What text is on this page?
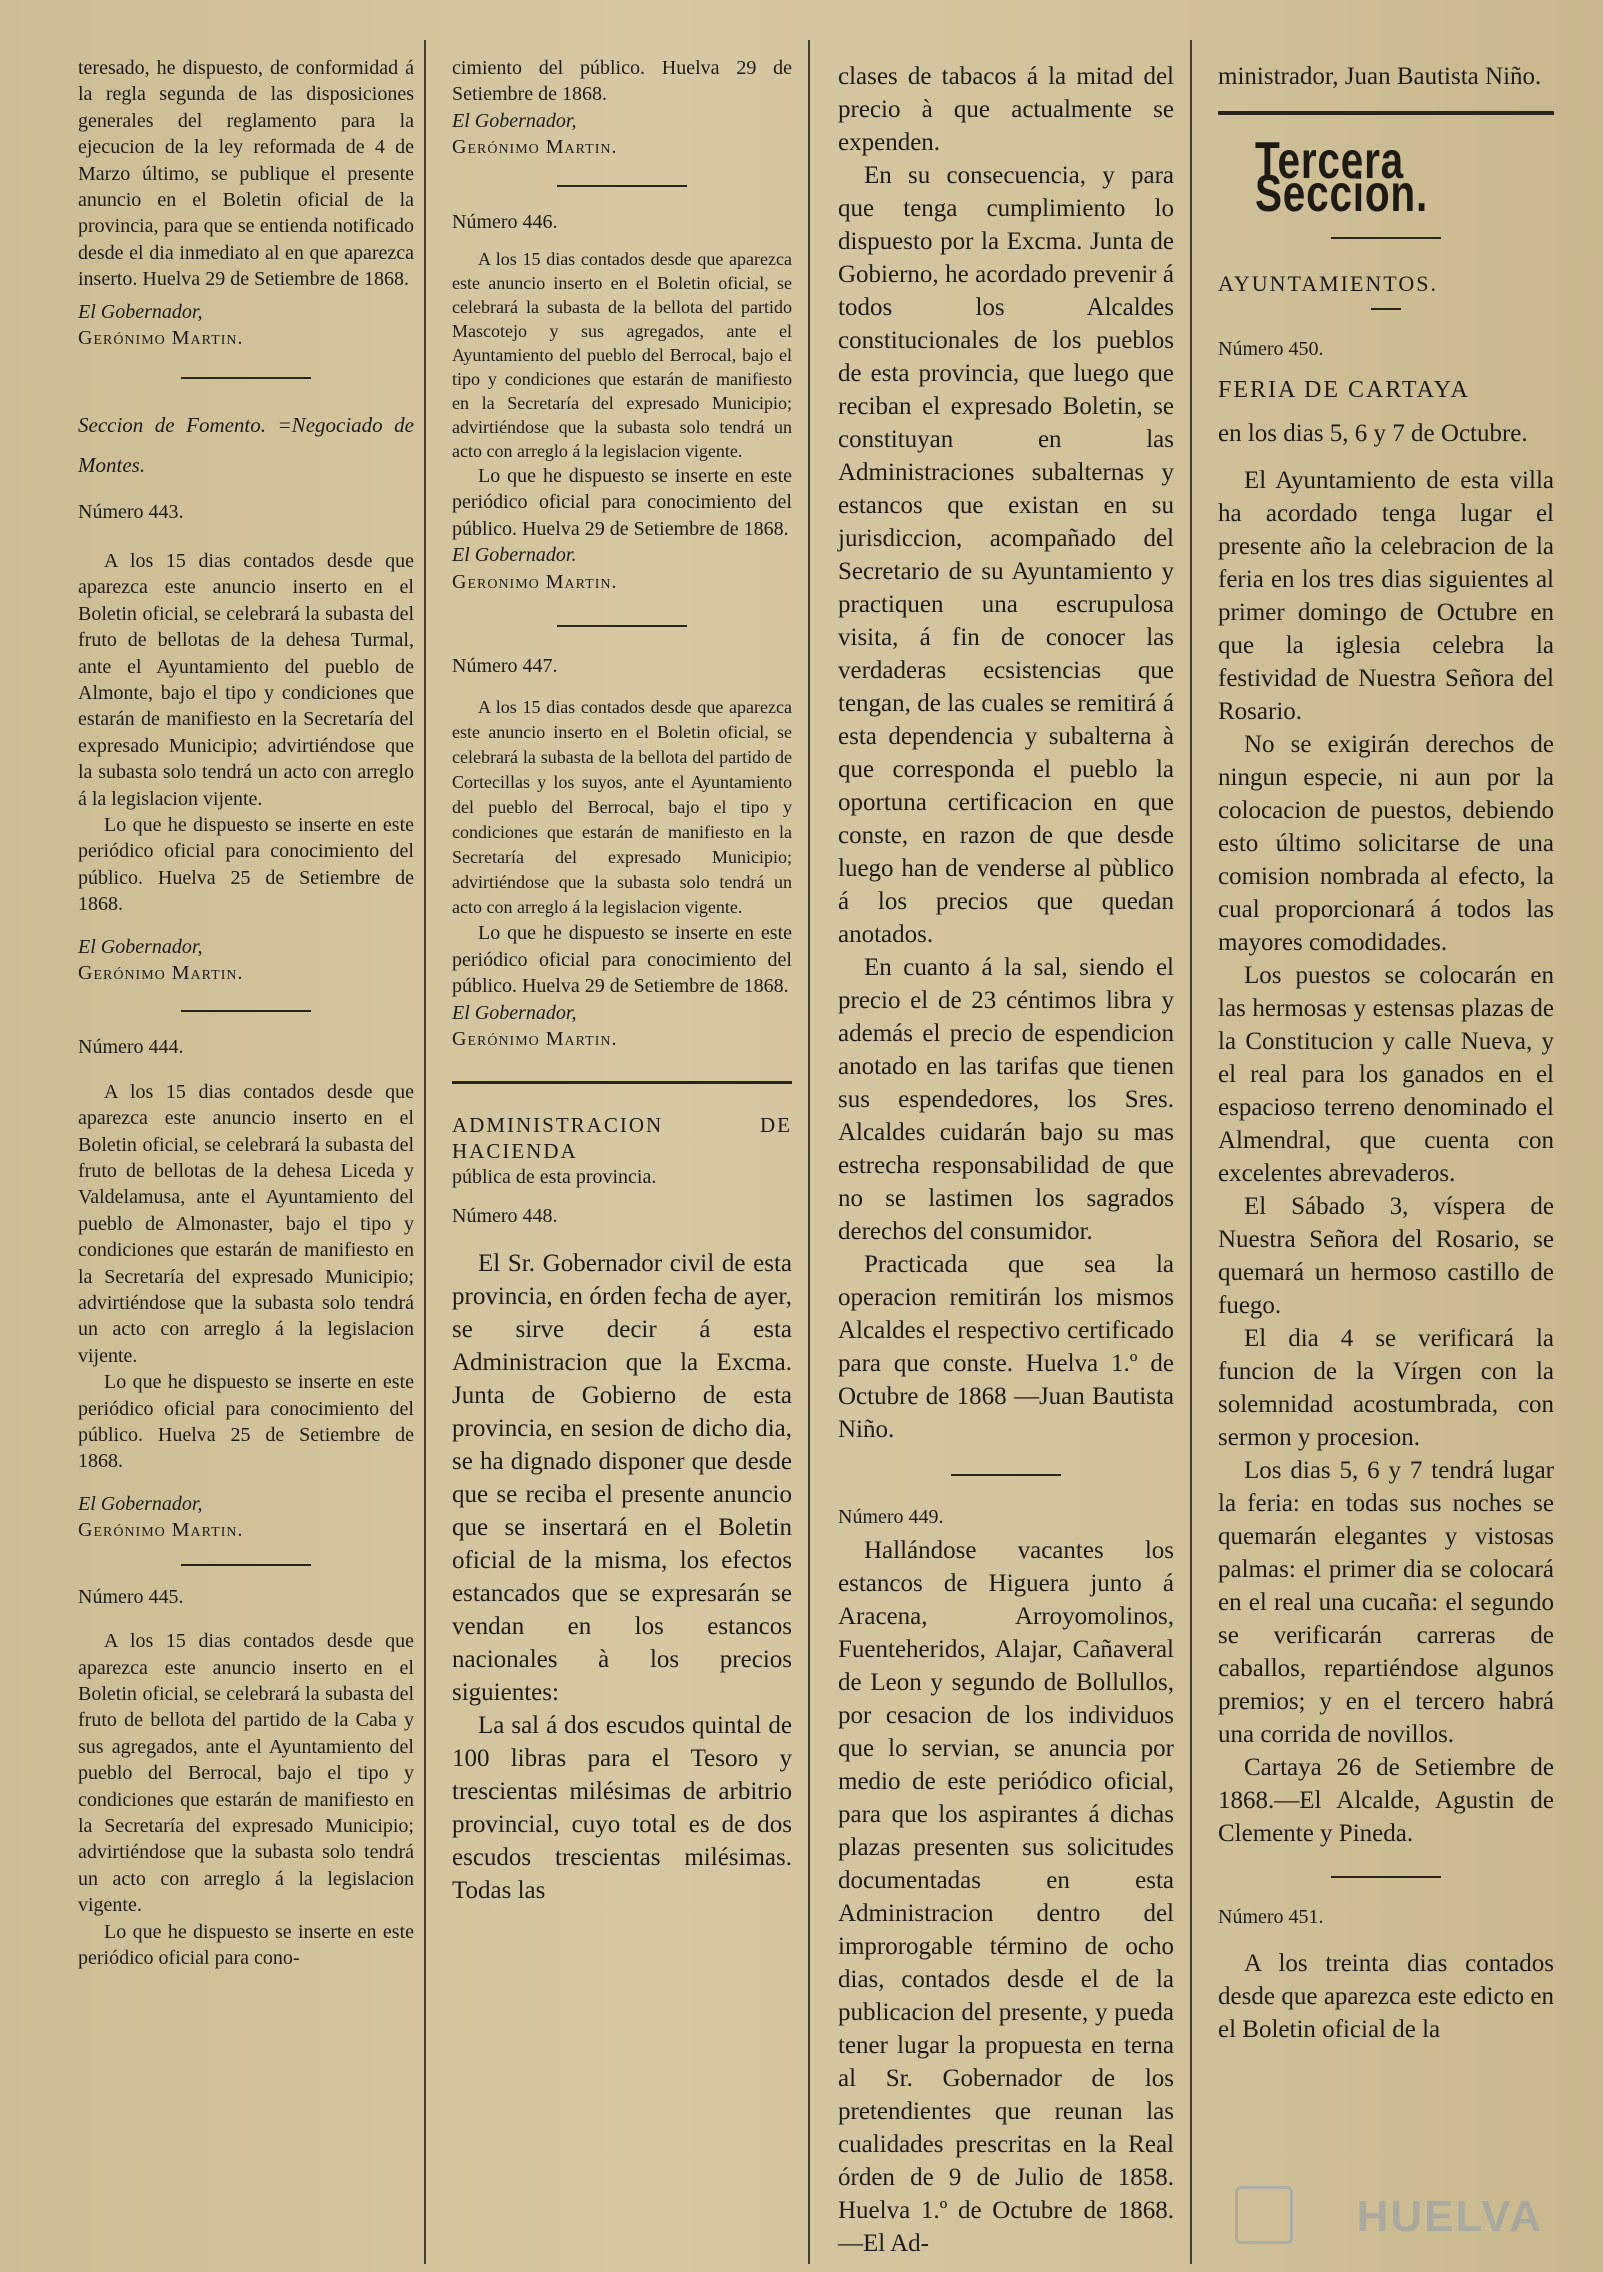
teresado, he dispuesto, de conformidad á la regla segunda de las disposiciones generales del reglamento para la ejecucion de la ley reformada de 4 de Marzo último, se publique el presente anuncio en el Boletin oficial de la provincia, para que se entienda notificado desde el dia inmediato al en que aparezca inserto. Huelva 29 de Setiembre de 1868.

El Gobernador,

Gerónimo Martin.

Seccion de Fomento. =Negociado de Montes.

Número 443.

A los 15 dias contados desde que aparezca este anuncio inserto en el Boletin oficial, se celebrará la subasta del fruto de bellotas de la dehesa Turmal, ante el Ayuntamiento del pueblo de Almonte, bajo el tipo y condiciones que estarán de manifiesto en la Secretaría del expresado Municipio; advirtiéndose que la subasta solo tendrá un acto con arreglo á la legislacion vijente.

Lo que he dispuesto se inserte en este periódico oficial para conocimiento del público. Huelva 25 de Setiembre de 1868.

El Gobernador,

Gerónimo Martin.

Número 444.

A los 15 dias contados desde que aparezca este anuncio inserto en el Boletin oficial, se celebrará la subasta del fruto de bellotas de la dehesa Liceda y Valdelamusa, ante el Ayuntamiento del pueblo de Almonaster, bajo el tipo y condiciones que estarán de manifiesto en la Secretaría del expresado Municipio; advirtiéndose que la subasta solo tendrá un acto con arreglo á la legislacion vijente.

Lo que he dispuesto se inserte en este periódico oficial para conocimiento del público. Huelva 25 de Setiembre de 1868.

El Gobernador,

Gerónimo Martin.

Número 445.

A los 15 dias contados desde que aparezca este anuncio inserto en el Boletin oficial, se celebrará la subasta del fruto de bellota del partido de la Caba y sus agregados, ante el Ayuntamiento del pueblo del Berrocal, bajo el tipo y condiciones que estarán de manifiesto en la Secretaría del expresado Municipio; advirtiéndose que la subasta solo tendrá un acto con arreglo á la legislacion vigente.

Lo que he dispuesto se inserte en este periódico oficial para cono-

cimiento del público. Huelva 29 de Setiembre de 1868.

El Gobernador,

Gerónimo Martin.

Número 446.

A los 15 dias contados desde que aparezca este anuncio inserto en el Boletin oficial, se celebrará la subasta de la bellota del partido Mascotejo y sus agregados, ante el Ayuntamiento del pueblo del Berrocal, bajo el tipo y condiciones que estarán de manifiesto en la Secretaría del expresado Municipio; advirtiéndose que la subasta solo tendrá un acto con arreglo á la legislacion vigente.

Lo que he dispuesto se inserte en este periódico oficial para conocimiento del público. Huelva 29 de Setiembre de 1868.

El Gobernador.

Geronimo Martin.

Número 447.

A los 15 dias contados desde que aparezca este anuncio inserto en el Boletin oficial, se celebrará la subasta de la bellota del partido de Cortecillas y los suyos, ante el Ayuntamiento del pueblo del Berrocal, bajo el tipo y condiciones que estarán de manifiesto en la Secretaría del expresado Municipio; advirtiéndose que la subasta solo tendrá un acto con arreglo á la legislacion vigente.

Lo que he dispuesto se inserte en este periódico oficial para conocimiento del público. Huelva 29 de Setiembre de 1868.

El Gobernador,

Gerónimo Martin.

ADMINISTRACION DE HACIENDA

pública de esta provincia.

Número 448.

El Sr. Gobernador civil de esta provincia, en órden fecha de ayer, se sirve decir á esta Administracion que la Excma. Junta de Gobierno de esta provincia, en sesion de dicho dia, se ha dignado disponer que desde que se reciba el presente anuncio que se insertará en el Boletin oficial de la misma, los efectos estancados que se expresarán se vendan en los estancos nacionales à los precios siguientes:

La sal á dos escudos quintal de 100 libras para el Tesoro y trescientas milésimas de arbitrio provincial, cuyo total es de dos escudos trescientas milésimas. Todas las

clases de tabacos á la mitad del precio à que actualmente se expenden.

En su consecuencia, y para que tenga cumplimiento lo dispuesto por la Excma. Junta de Gobierno, he acordado prevenir á todos los Alcaldes constitucionales de los pueblos de esta provincia, que luego que reciban el expresado Boletin, se constituyan en las Administraciones subalternas y estancos que existan en su jurisdiccion, acompañado del Secretario de su Ayuntamiento y practiquen una escrupulosa visita, á fin de conocer las verdaderas ecsistencias que tengan, de las cuales se remitirá á esta dependencia y subalterna à que corresponda el pueblo la oportuna certificacion en que conste, en razon de que desde luego han de venderse al pùblico á los precios que quedan anotados.

En cuanto á la sal, siendo el precio el de 23 céntimos libra y además el precio de espendicion anotado en las tarifas que tienen sus espendedores, los Sres. Alcaldes cuidarán bajo su mas estrecha responsabilidad de que no se lastimen los sagrados derechos del consumidor.

Practicada que sea la operacion remitirán los mismos Alcaldes el respectivo certificado para que conste. Huelva 1.º de Octubre de 1868 —Juan Bautista Niño.

Número 449.

Hallándose vacantes los estancos de Higuera junto á Aracena, Arroyomolinos, Fuenteheridos, Alajar, Cañaveral de Leon y segundo de Bollullos, por cesacion de los individuos que lo servian, se anuncia por medio de este periódico oficial, para que los aspirantes á dichas plazas presenten sus solicitudes documentadas en esta Administracion dentro del improrogable término de ocho dias, contados desde el de la publicacion del presente, y pueda tener lugar la propuesta en terna al Sr. Gobernador de los pretendientes que reunan las cualidades prescritas en la Real órden de 9 de Julio de 1858. Huelva 1.º de Octubre de 1868.—El Ad-

ministrador, Juan Bautista Niño.

Tercera Seccion.

AYUNTAMIENTOS.

Número 450.

FERIA DE CARTAYA

en los dias 5, 6 y 7 de Octubre.

El Ayuntamiento de esta villa ha acordado tenga lugar el presente año la celebracion de la feria en los tres dias siguientes al primer domingo de Octubre en que la iglesia celebra la festividad de Nuestra Señora del Rosario.

No se exigirán derechos de ningun especie, ni aun por la colocacion de puestos, debiendo esto último solicitarse de una comision nombrada al efecto, la cual proporcionará á todos las mayores comodidades.

Los puestos se colocarán en las hermosas y estensas plazas de la Constitucion y calle Nueva, y el real para los ganados en el espacioso terreno denominado el Almendral, que cuenta con excelentes abrevaderos.

El Sábado 3, víspera de Nuestra Señora del Rosario, se quemará un hermoso castillo de fuego.

El dia 4 se verificará la funcion de la Vírgen con la solemnidad acostumbrada, con sermon y procesion.

Los dias 5, 6 y 7 tendrá lugar la feria: en todas sus noches se quemarán elegantes y vistosas palmas: el primer dia se colocará en el real una cucaña: el segundo se verificarán carreras de caballos, repartiéndose algunos premios; y en el tercero habrá una corrida de novillos.

Cartaya 26 de Setiembre de 1868.—El Alcalde, Agustin de Clemente y Pineda.

Número 451.

A los treinta dias contados desde que aparezca este edicto en el Boletin oficial de la

HUELVA
